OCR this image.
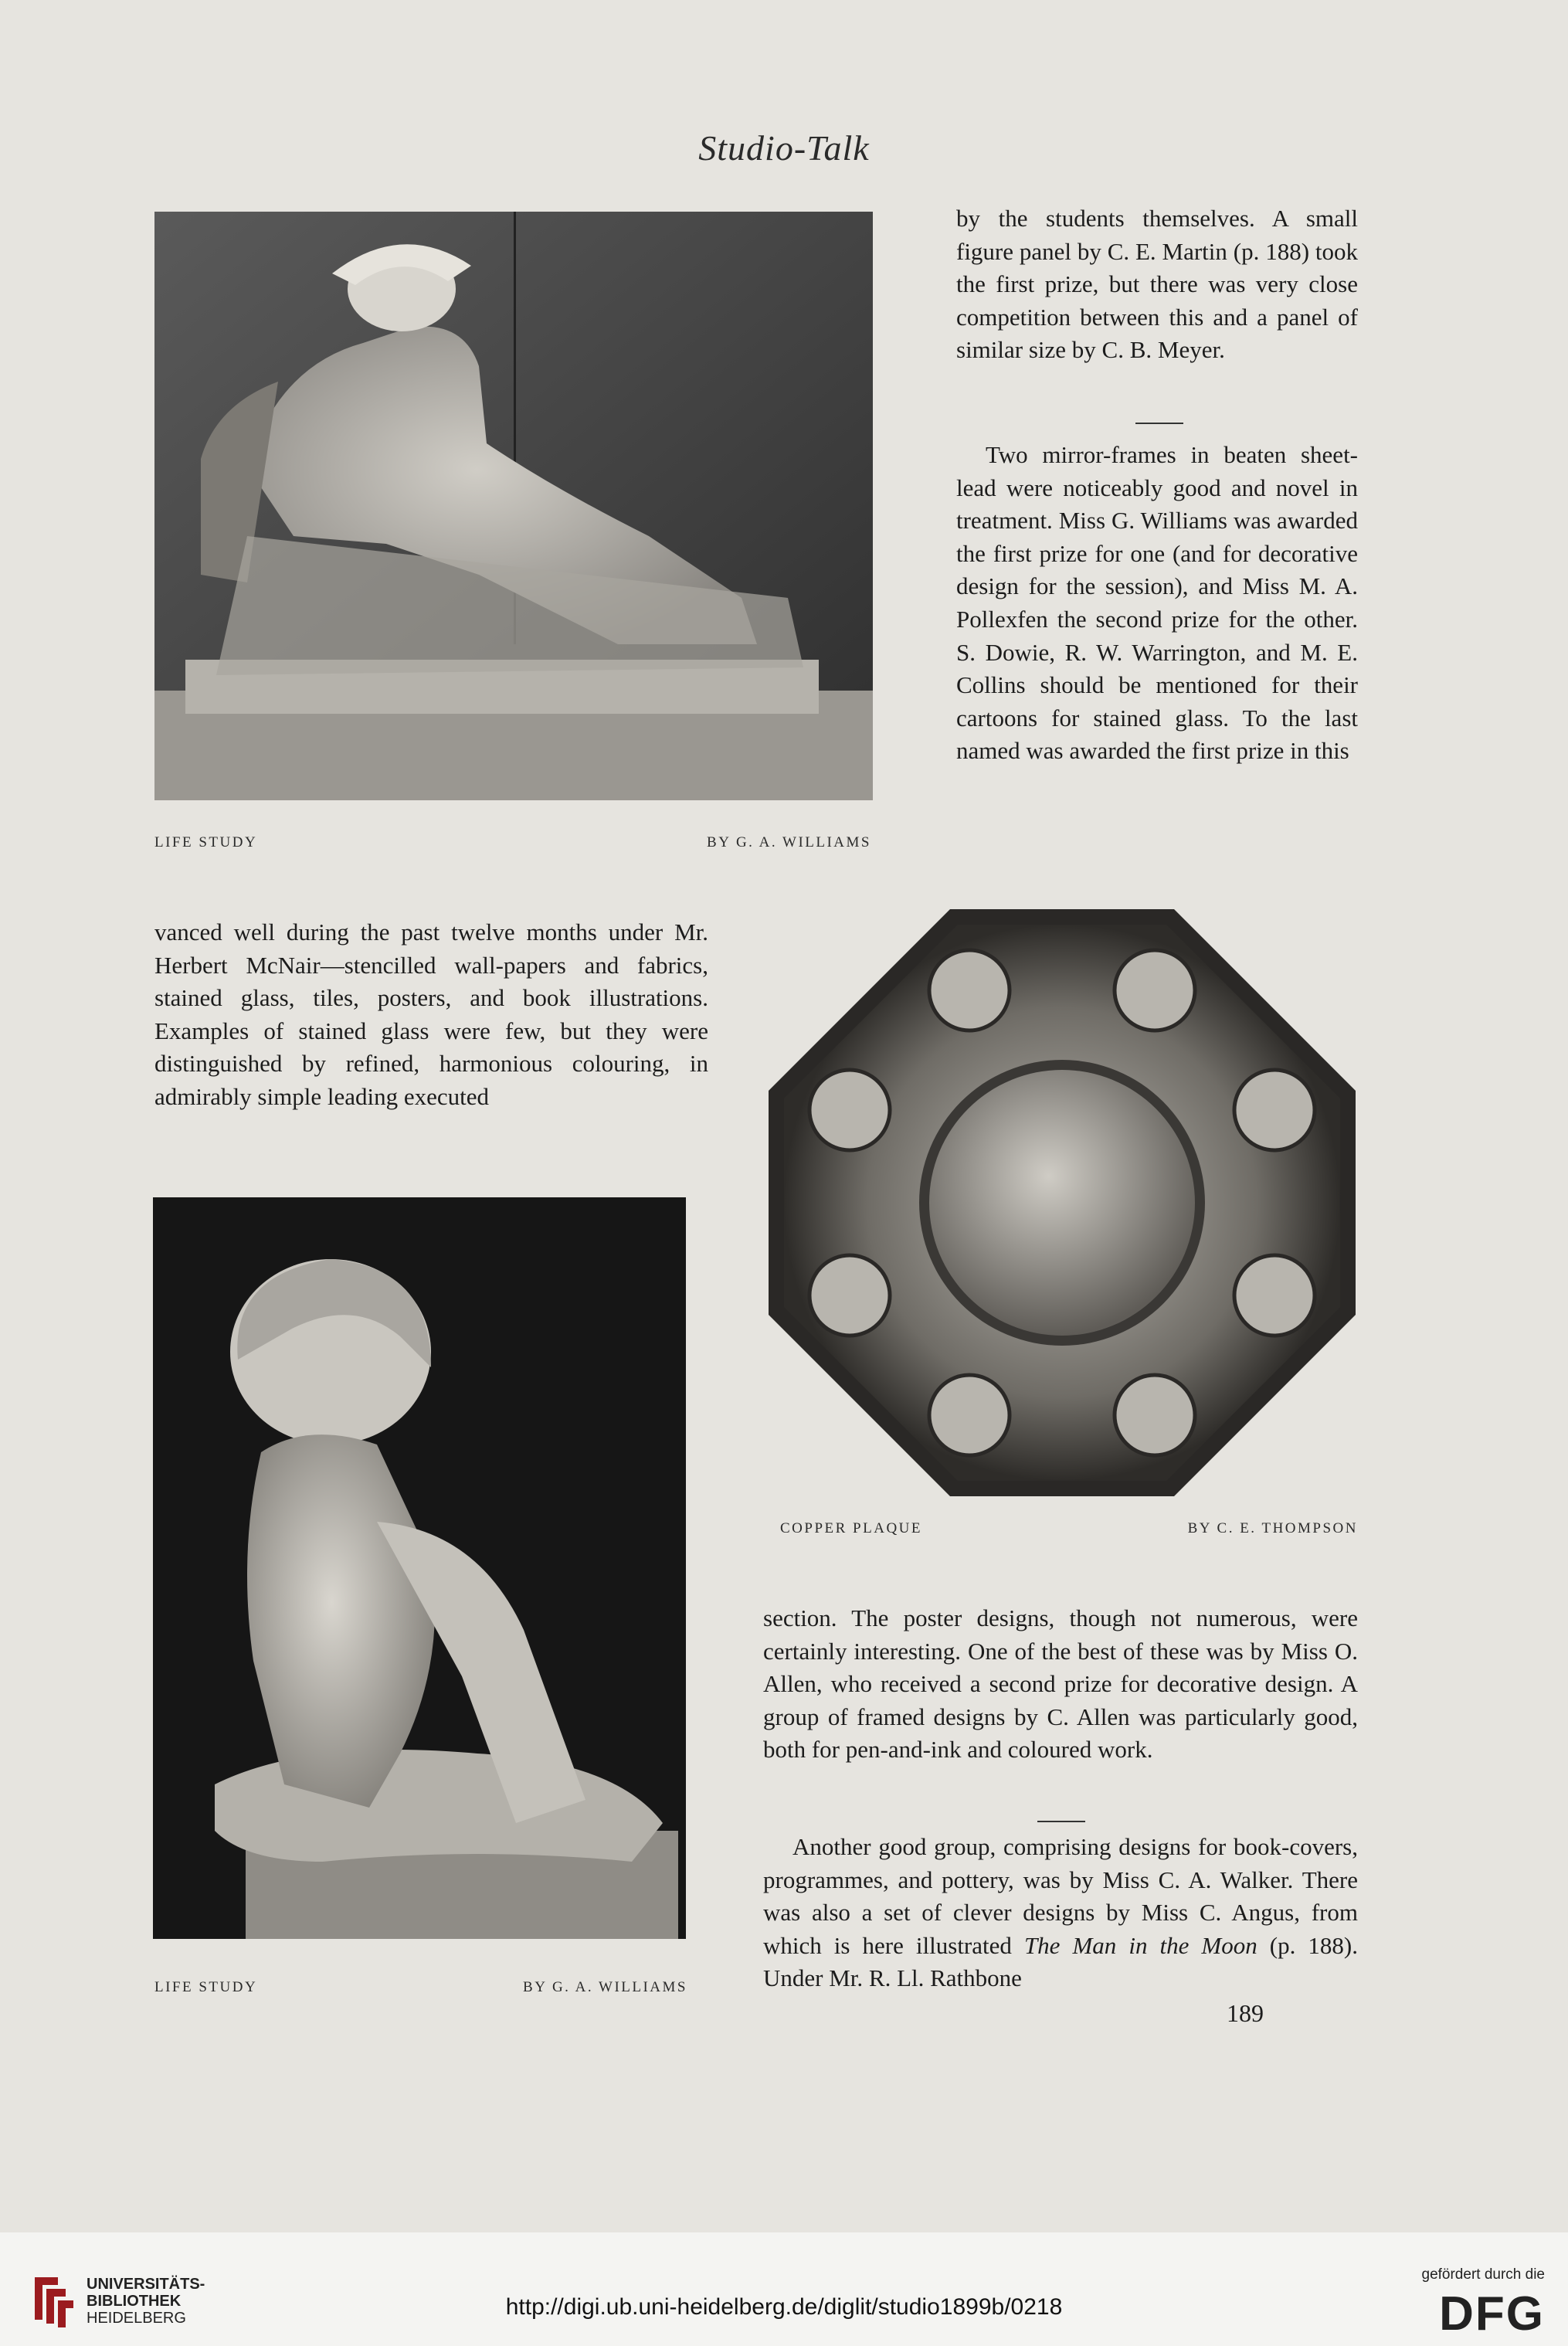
Studio-Talk
LIFE STUDY	BY G. A. WILLIAMS

by the students themselves. A small figure panel by C. E. Martin (p. 188) took the first prize, but there was very close competition between this and a panel of similar size by C. B. Meyer.

Two mirror-frames in beaten sheet-lead were noticeably good and novel in treatment. Miss G. Williams was awarded the first prize for one (and for decorative design for the session), and Miss M. A. Pollexfen the second prize for the other. S. Dowie, R. W. Warrington, and M. E. Collins should be mentioned for their cartoons for stained glass. To the last named was awarded the first prize in this

vanced well during the past twelve months under Mr. Herbert McNair—stencilled wall-papers and fabrics, stained glass, tiles, posters, and book illustrations. Examples of stained glass were few, but they were distinguished by refined, harmonious colouring, in admirably simple leading executed

COPPER PLAQUE	BY C. E. THOMPSON
LIFE STUDY	BY G. A. WILLIAMS

section. The poster designs, though not numerous, were certainly interesting. One of the best of these was by Miss O. Allen, who received a second prize for decorative design. A group of framed designs by C. Allen was particularly good, both for pen-and-ink and coloured work.

Another good group, comprising designs for book-covers, programmes, and pottery, was by Miss C. A. Walker. There was also a set of clever designs by Miss C. Angus, from which is here illustrated The Man in the Moon (p. 188). Under Mr. R. Ll. Rathbone

189
UNIVERSITÄTS-
BIBLIOTHEK
HEIDELBERG	http://digi.ub.uni-heidelberg.de/diglit/studio1899b/0218
gefördert durch die
DFG
